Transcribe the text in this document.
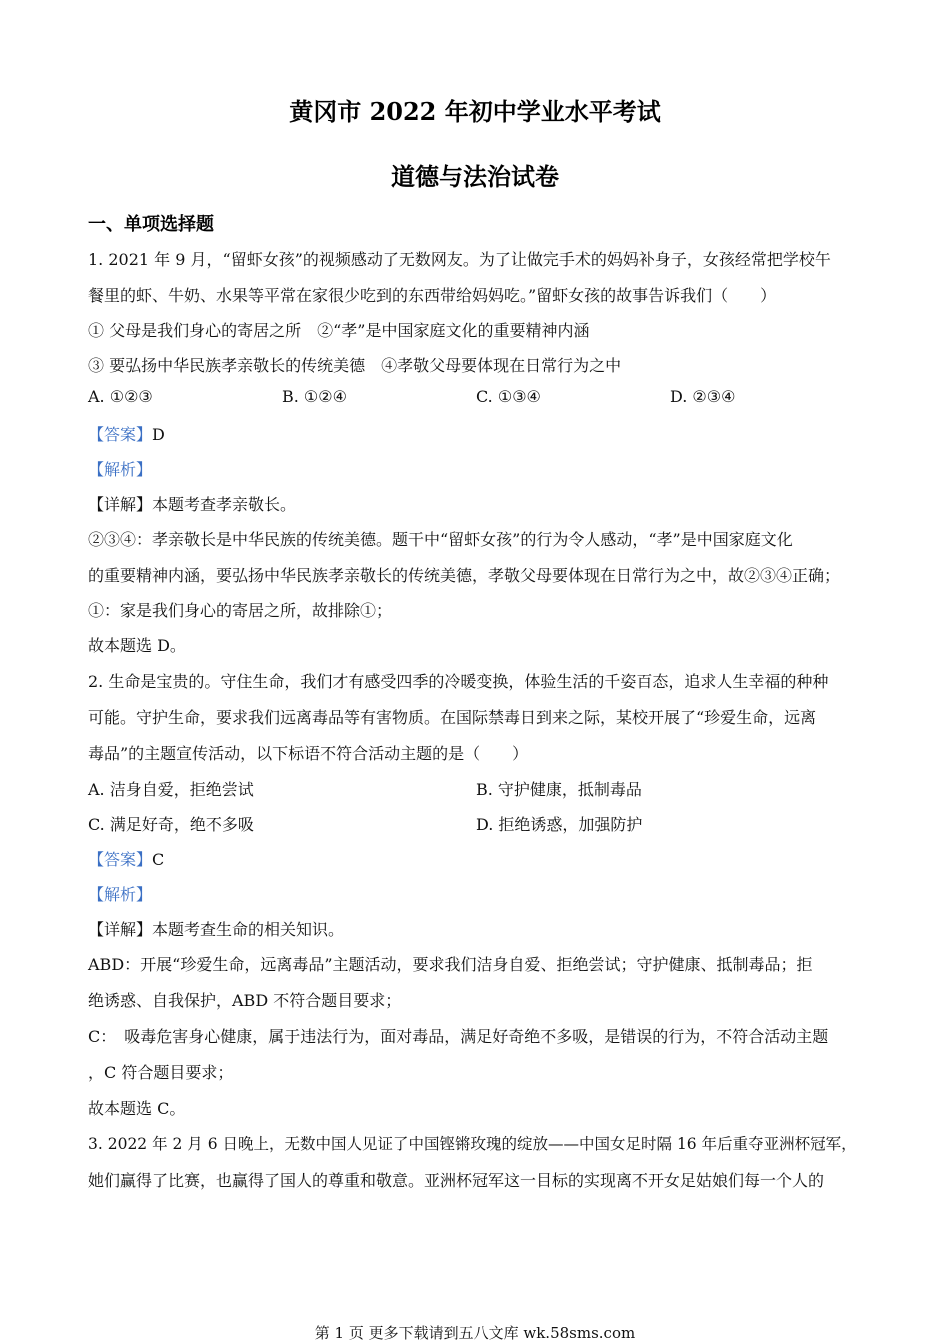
黄冈市 2022 年初中学业水平考试
道德与法治试卷
一、单项选择题
1. 2021 年 9 月，“留虾女孩”的视频感动了无数网友。为了让做完手术的妈妈补身子，女孩经常把学校午
餐里的虾、牛奶、水果等平常在家很少吃到的东西带给妈妈吃。”留虾女孩的故事告诉我们（　　）
① 父母是我们身心的寄居之所　②“孝”是中国家庭文化的重要精神内涵
③ 要弘扬中华民族孝亲敬长的传统美德　④孝敬父母要体现在日常行为之中
A. ①②③	B. ①②④	C. ①③④	D. ②③④
【答案】D
【解析】
【详解】本题考查孝亲敬长。
②③④：孝亲敬长是中华民族的传统美德。题干中“留虾女孩”的行为令人感动，“孝”是中国家庭文化
的重要精神内涵，要弘扬中华民族孝亲敬长的传统美德，孝敬父母要体现在日常行为之中，故②③④正确；
①：家是我们身心的寄居之所，故排除①；
故本题选 D。
2. 生命是宝贵的。守住生命，我们才有感受四季的冷暖变换，体验生活的千姿百态，追求人生幸福的种种
可能。守护生命，要求我们远离毒品等有害物质。在国际禁毒日到来之际，某校开展了“珍爱生命，远离
毒品”的主题宣传活动，以下标语不符合活动主题的是（　　）
A. 洁身自爱，拒绝尝试	B. 守护健康，抵制毒品
C. 满足好奇，绝不多吸	D. 拒绝诱惑，加强防护
【答案】C
【解析】
【详解】本题考查生命的相关知识。
ABD：开展“珍爱生命，远离毒品”主题活动，要求我们洁身自爱、拒绝尝试；守护健康、抵制毒品；拒
绝诱惑、自我保护，ABD 不符合题目要求；
C：　吸毒危害身心健康，属于违法行为，面对毒品，满足好奇绝不多吸，是错误的行为，不符合活动主题
，C 符合题目要求；
故本题选 C。
3. 2022 年 2 月 6 日晚上，无数中国人见证了中国铿锵玫瑰的绽放——中国女足时隔 16 年后重夺亚洲杯冠军，
她们赢得了比赛，也赢得了国人的尊重和敬意。亚洲杯冠军这一目标的实现离不开女足姑娘们每一个人的
第 1 页 更多下载请到五八文库 wk.58sms.com
